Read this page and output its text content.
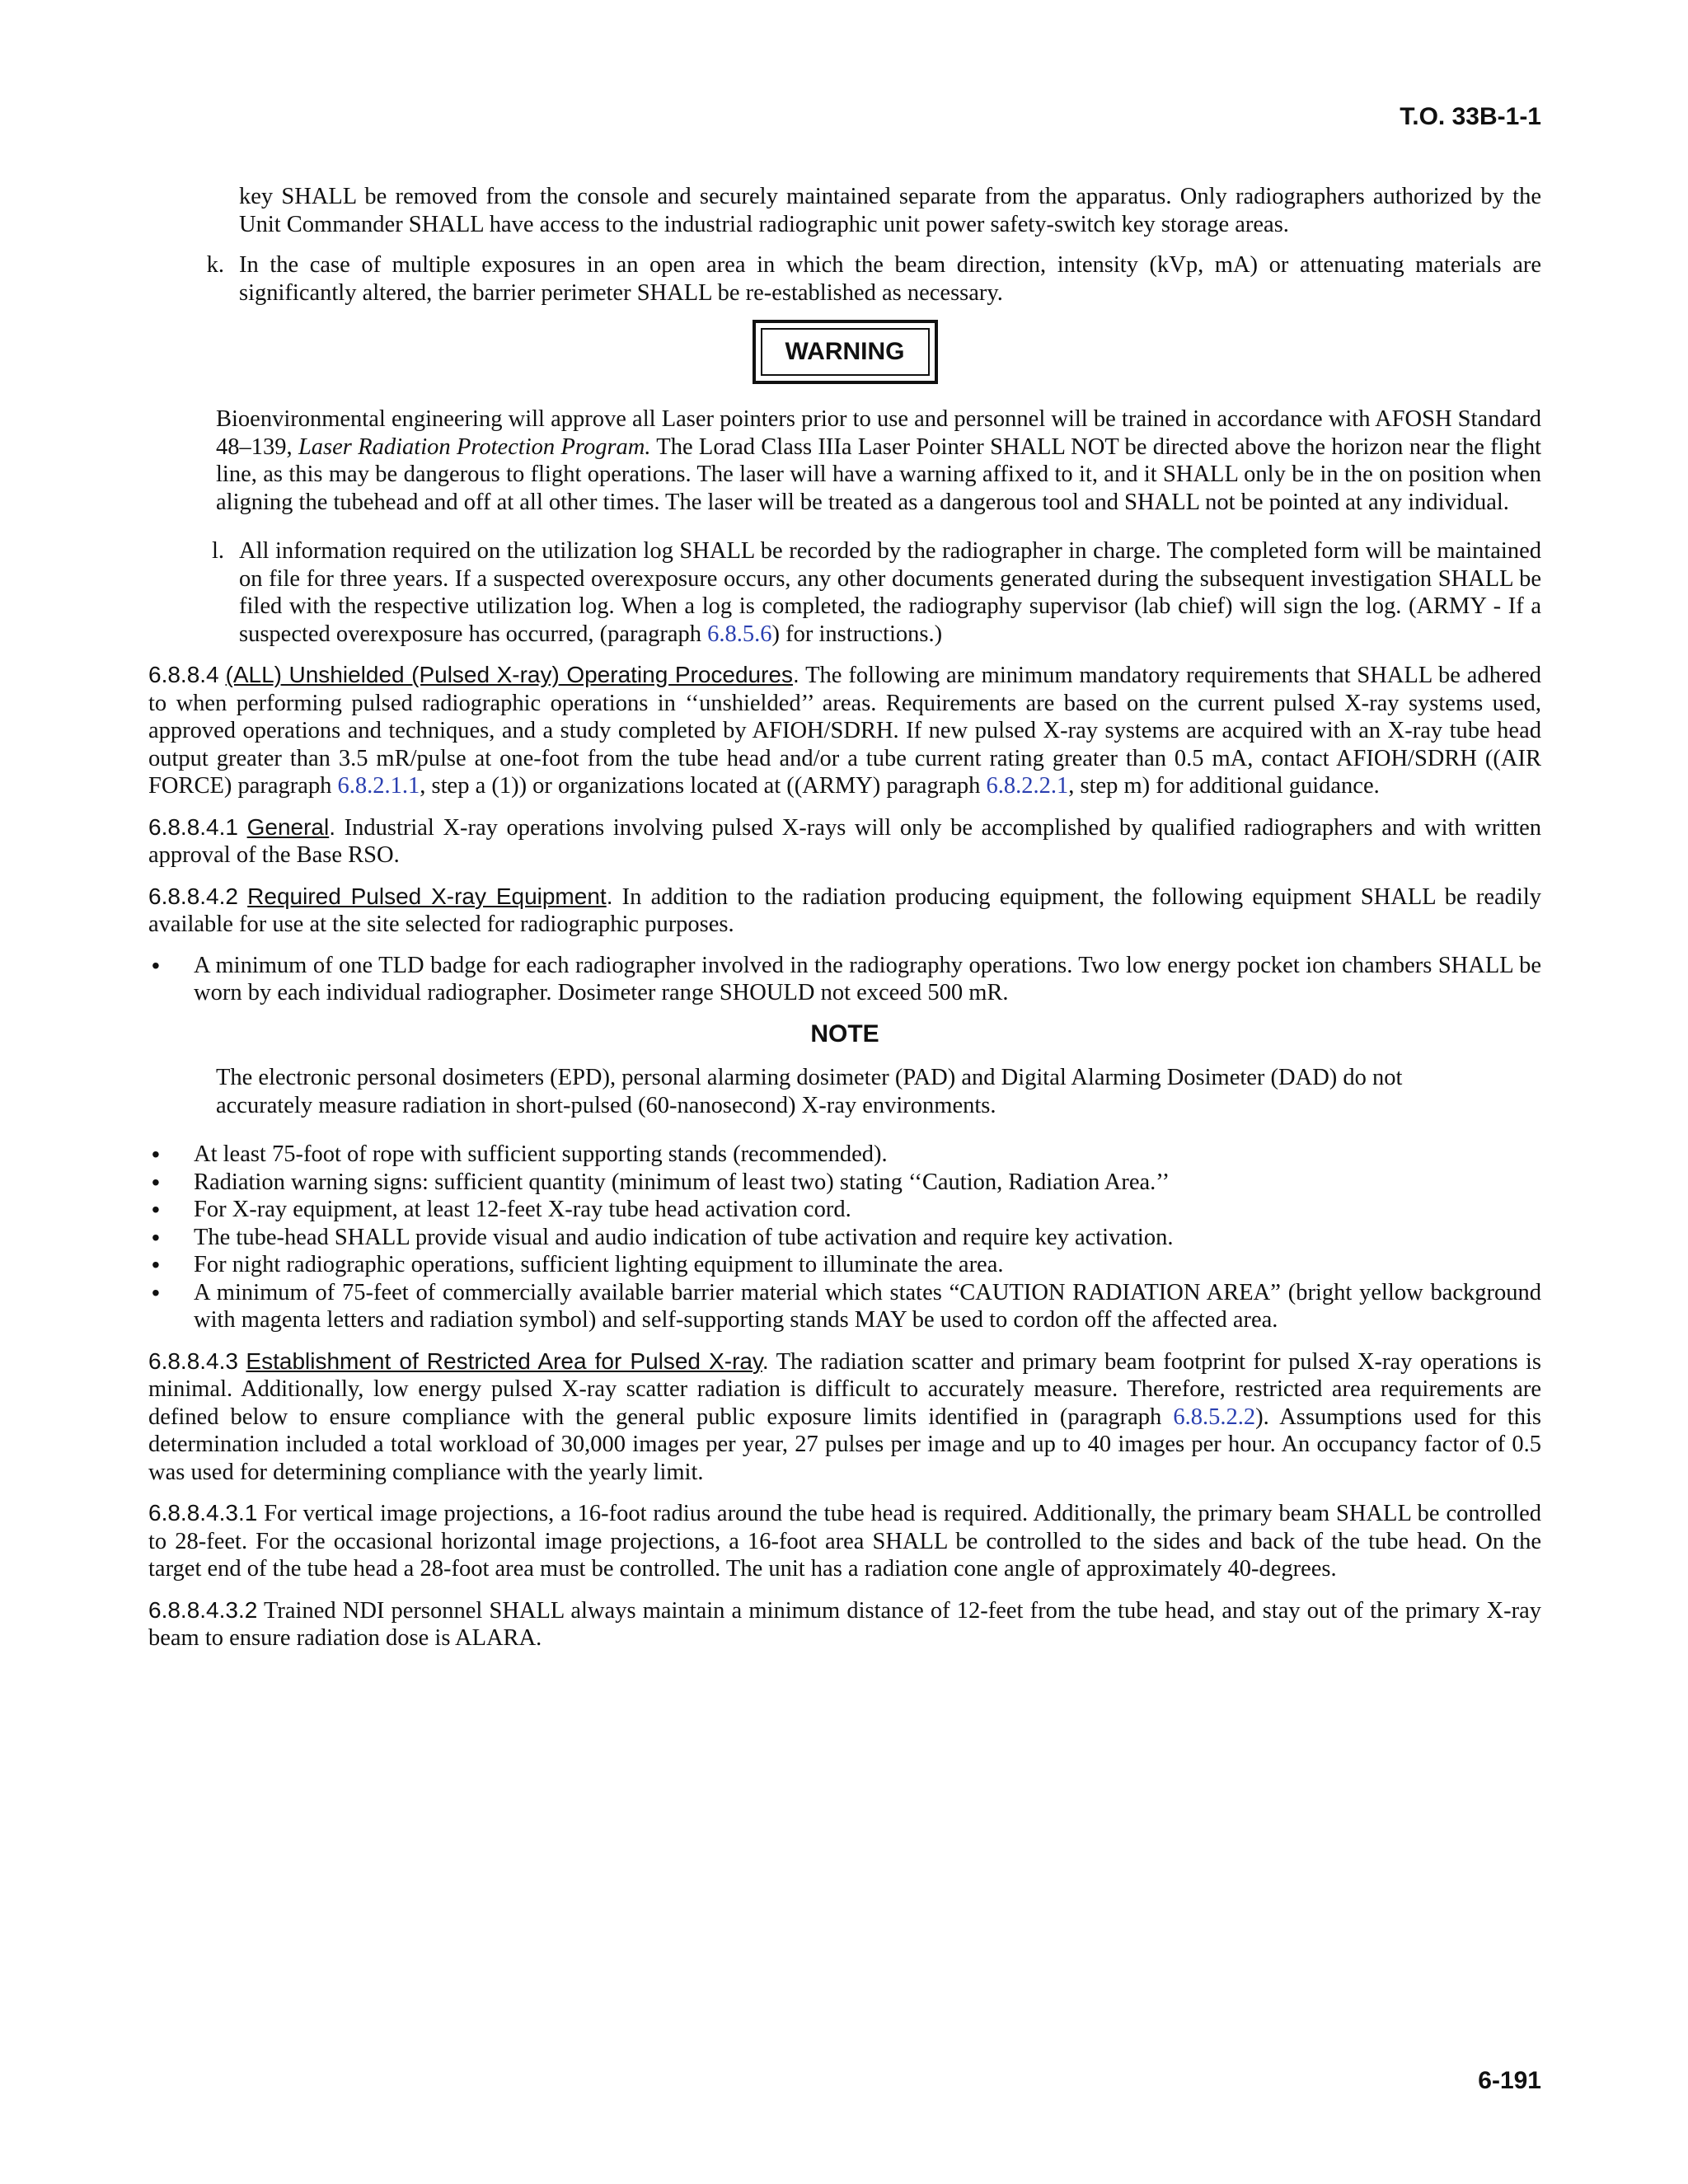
T.O. 33B-1-1

key SHALL be removed from the console and securely maintained separate from the apparatus. Only radiographers authorized by the Unit Commander SHALL have access to the industrial radiographic unit power safety-switch key storage areas.

k. In the case of multiple exposures in an open area in which the beam direction, intensity (kVp, mA) or attenuating materials are significantly altered, the barrier perimeter SHALL be re-established as necessary.
WARNING

Bioenvironmental engineering will approve all Laser pointers prior to use and personnel will be trained in accordance with AFOSH Standard 48–139, Laser Radiation Protection Program. The Lorad Class IIIa Laser Pointer SHALL NOT be directed above the horizon near the flight line, as this may be dangerous to flight operations. The laser will have a warning affixed to it, and it SHALL only be in the on position when aligning the tubehead and off at all other times. The laser will be treated as a dangerous tool and SHALL not be pointed at any individual.

l. All information required on the utilization log SHALL be recorded by the radiographer in charge. The completed form will be maintained on file for three years. If a suspected overexposure occurs, any other documents generated during the subsequent investigation SHALL be filed with the respective utilization log. When a log is completed, the radiography supervisor (lab chief) will sign the log. (ARMY - If a suspected overexposure has occurred, (paragraph 6.8.5.6) for instructions.)

6.8.8.4 (ALL) Unshielded (Pulsed X-ray) Operating Procedures. The following are minimum mandatory requirements that SHALL be adhered to when performing pulsed radiographic operations in ‘‘unshielded’’ areas. Requirements are based on the current pulsed X-ray systems used, approved operations and techniques, and a study completed by AFIOH/SDRH. If new pulsed X-ray systems are acquired with an X-ray tube head output greater than 3.5 mR/pulse at one-foot from the tube head and/or a tube current rating greater than 0.5 mA, contact AFIOH/SDRH ((AIR FORCE) paragraph 6.8.2.1.1, step a (1)) or organizations located at ((ARMY) paragraph 6.8.2.2.1, step m) for additional guidance.

6.8.8.4.1 General. Industrial X-ray operations involving pulsed X-rays will only be accomplished by qualified radiographers and with written approval of the Base RSO.

6.8.8.4.2 Required Pulsed X-ray Equipment. In addition to the radiation producing equipment, the following equipment SHALL be readily available for use at the site selected for radiographic purposes.

•	A minimum of one TLD badge for each radiographer involved in the radiography operations. Two low energy pocket ion chambers SHALL be worn by each individual radiographer. Dosimeter range SHOULD not exceed 500 mR.
NOTE

The electronic personal dosimeters (EPD), personal alarming dosimeter (PAD) and Digital Alarming Dosimeter (DAD) do not accurately measure radiation in short-pulsed (60-nanosecond) X-ray environments.

•	At least 75-foot of rope with sufficient supporting stands (recommended).
•	Radiation warning signs: sufficient quantity (minimum of least two) stating ‘‘Caution, Radiation Area.’’
•	For X-ray equipment, at least 12-feet X-ray tube head activation cord.
•	The tube-head SHALL provide visual and audio indication of tube activation and require key activation.
•	For night radiographic operations, sufficient lighting equipment to illuminate the area.
•	A minimum of 75-feet of commercially available barrier material which states “CAUTION RADIATION AREA” (bright yellow background with magenta letters and radiation symbol) and self-supporting stands MAY be used to cordon off the affected area.

6.8.8.4.3 Establishment of Restricted Area for Pulsed X-ray. The radiation scatter and primary beam footprint for pulsed X-ray operations is minimal. Additionally, low energy pulsed X-ray scatter radiation is difficult to accurately measure. Therefore, restricted area requirements are defined below to ensure compliance with the general public exposure limits identified in (paragraph 6.8.5.2.2). Assumptions used for this determination included a total workload of 30,000 images per year, 27 pulses per image and up to 40 images per hour. An occupancy factor of 0.5 was used for determining compliance with the yearly limit.

6.8.8.4.3.1 For vertical image projections, a 16-foot radius around the tube head is required. Additionally, the primary beam SHALL be controlled to 28-feet. For the occasional horizontal image projections, a 16-foot area SHALL be controlled to the sides and back of the tube head. On the target end of the tube head a 28-foot area must be controlled. The unit has a radiation cone angle of approximately 40-degrees.

6.8.8.4.3.2 Trained NDI personnel SHALL always maintain a minimum distance of 12-feet from the tube head, and stay out of the primary X-ray beam to ensure radiation dose is ALARA.

6-191
